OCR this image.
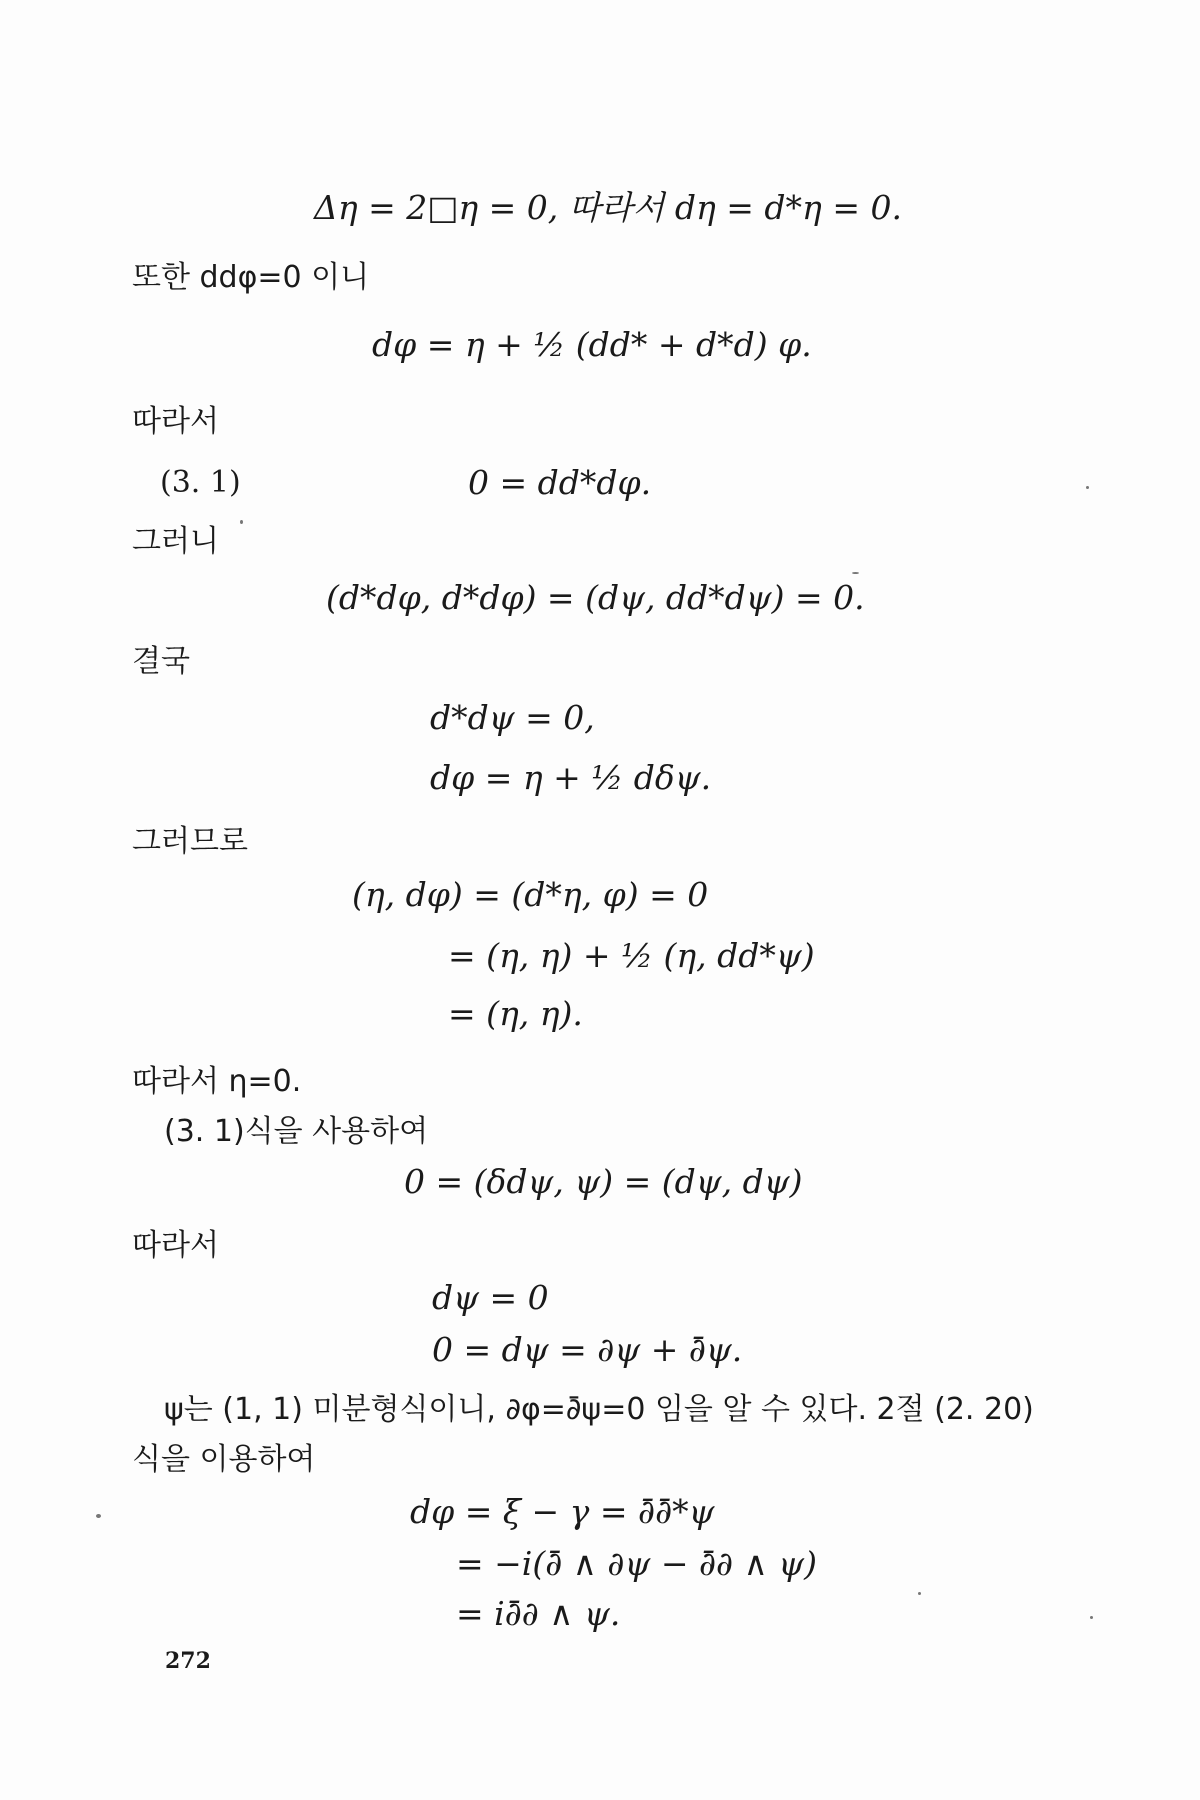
Δη = 2□η = 0, 따라서 dη = d*η = 0.
또한 ddφ=0 이니
dφ = η + ½ (dd* + d*d) φ.
따라서
(3. 1)	0 = dd*dφ.
그러니
(d*dφ, d*dφ) = (dψ, dd*dψ) = 0.
결국
d*dψ = 0,
dφ = η + ½ dδψ.
그러므로
(η, dφ) = (d*η, φ) = 0
= (η, η) + ½ (η, dd*ψ)
= (η, η).
따라서 η=0.
(3. 1)식을 사용하여
0 = (δdψ, ψ) = (dψ, dψ)
따라서
dψ = 0
0 = dψ = ∂ψ + ∂̄ψ.
ψ는 (1, 1) 미분형식이니, ∂φ=∂̄ψ=0 임을 알 수 있다. 2절 (2. 20)
식을 이용하여
dφ = ξ − γ = ∂̄∂̄*ψ
= −i(∂̄ ∧ ∂ψ − ∂̄∂ ∧ ψ)
= i∂̄∂ ∧ ψ.
272
